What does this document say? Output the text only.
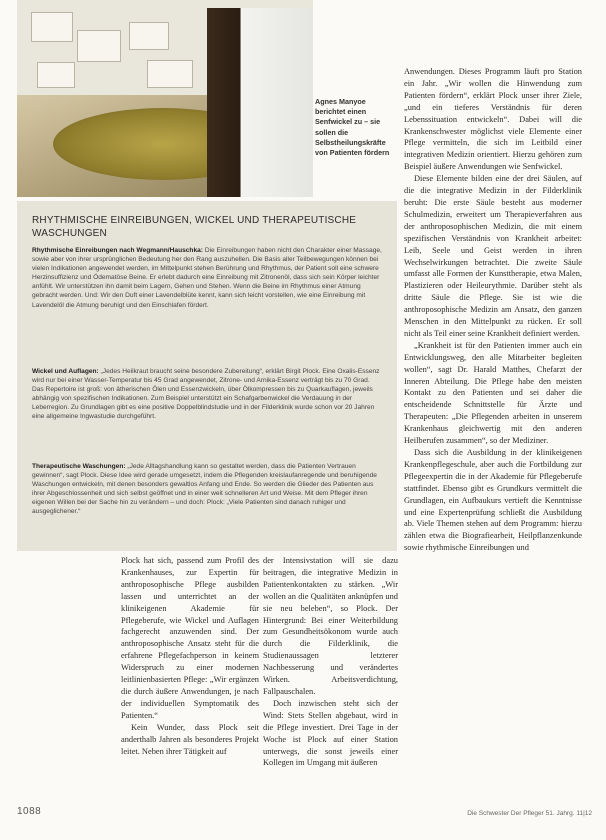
Agnes Manyoe berichtet einen Senfwickel zu – sie sollen die Selbstheilungskräfte von Patienten fördern
RHYTHMISCHE EINREIBUNGEN, WICKEL UND THERAPEUTISCHE WASCHUNGEN

Rhythmische Einreibungen nach Wegmann/Hauschka: Die Einreibungen haben nicht den Charakter einer Massage, sowie aber von ihrer ursprünglichen Bedeutung her den Rang auszuhellen. Die Basis aller Teilbewegungen können bei vielen Indikationen angewendet werden, im Mittelpunkt stehen Berührung und Rhythmus, der Patient soll eine schwere Herzinsuffizienz und Ödematöse Beine. Er erlebt dadurch eine Einreibung mit Zitronenöl, dass sich sein Körper leichter anfühlt. Wir unterstützen ihn damit beim Lagern, Gehen und Stehen. Wenn die Beine im Rhythmus einer Atmung gebracht werden. Und: Wir den Duft einer Lavendelblüte kennt, kann sich leicht vorstellen, wie eine Einreibung mit Lavendelöl die Atmung beruhigt und den Einschlafen fördert.

Wickel und Auflagen: „Jedes Heilkraut braucht seine besondere Zubereitung“, erklärt Birgit Plock. Eine Oxalis-Essenz wird nur bei einer Wasser-Temperatur bis 45 Grad angewendet, Zitrone- und Arnika-Essenz verträgt bis zu 70 Grad. Das Repertoire ist groß: von ätherischen Ölen und Essenzwickeln, über Ölkompressen bis zu Quarkauflagen, jeweils abhängig von spezifischen Indikationen. Zum Beispiel unterstützt ein Schafgarbenwickel die Verdauung in der Leberregion. Zu Grundlagen gibt es eine positive Doppelblindstudie und in der Filderklinik wurde schon vor 20 Jahren eine allgemeine Ingwastudie durchgeführt.

Therapeutische Waschungen: „Jede Alltagshandlung kann so gestaltet werden, dass die Patienten Vertrauen gewinnen“, sagt Plock. Diese Idee wird gerade umgesetzt, indem die Pflegenden kreislaufanregende und beruhigende Waschungen entwickeln, mit denen besonders gewaltlos Anfang und Ende. So werden die Glieder des Patienten aus ihrer Abgeschlossenheit und sich selbst geöffnet und in einer weit schnelleren Art und Weise. Mit dem Pfleger ihren eigenen Willen bei der Sache hin zu verändern – und doch: Plock: „Viele Patienten sind danach ruhiger und ausgeglichener.“

Plock hat sich, passend zum Profil des Krankenhauses, zur Expertin für anthroposophische Pflege ausbilden lassen und unterrichtet an der klinikeigenen Akademie für Pflegeberufe, wie Wickel und Auflagen fachgerecht anzuwenden sind. Der anthroposophische Ansatz steht für die erfahrene Pflegefachperson in keinem Widerspruch zu einer modernen leitlinienbasierten Pflege: „Wir ergänzen die durch äußere Anwendungen, je nach der individuellen Symptomatik des Patienten.“

Kein Wunder, dass Plock seit anderthalb Jahren als besonderes Projekt leitet. Neben ihrer Tätigkeit auf

der Intensivstation will sie dazu beitragen, die integrative Medizin in Patientenkontakten zu stärken. „Wir wollen an die Qualitäten anknüpfen und sie neu beleben“, so Plock. Der Hintergrund: Bei einer Weiterbildung zum Gesundheitsökonom wurde auch durch die Filderklinik, die Studienaussagen letzterer Nachbesserung und verändertes Wirken. Arbeitsverdichtung, Fallpauschalen.

Doch inzwischen steht sich der Wind: Stets Stellen abgebaut, wird in die Pflege investiert. Drei Tage in der Woche ist Plock auf einer Station unterwegs, die sonst jeweils einer Kollegen im Umgang mit äußeren

Anwendungen. Dieses Programm läuft pro Station ein Jahr. „Wir wollen die Hinwendung zum Patienten fördern“, erklärt Plock unser ihrer Ziele, „und ein tieferes Verständnis für deren Lebenssituation entwickeln“. Dabei will die Krankenschwester möglichst viele Elemente einer Pflege vermitteln, die sich im Leitbild einer integrativen Medizin orientiert. Hierzu gehören zum Beispiel äußere Anwendungen wie Senfwickel.

Diese Elemente bilden eine der drei Säulen, auf die die integrative Medizin in der Filderklinik beruht: Die erste Säule besteht aus moderner Schulmedizin, erweitert um Therapieverfahren aus der anthroposophischen Medizin, die mit einem spezifischen Verständnis von Krankheit arbeitet: Leib, Seele und Geist werden in ihren Wechselwirkungen betrachtet. Die zweite Säule umfasst alle Formen der Kunsttherapie, etwa Malen, Plastizieren oder Heileurythmie. Darüber steht als dritte Säule die Pflege. Sie ist wie die anthroposophische Medizin am Ansatz, den ganzen Menschen in den Mittelpunkt zu rücken. Er soll nicht als Teil einer seine Krankheit definiert werden.

„Krankheit ist für den Patienten immer auch ein Entwicklungsweg, den alle Mitarbeiter begleiten wollen“, sagt Dr. Harald Matthes, Chefarzt der Inneren Abteilung. Die Pflege habe den meisten Kontakt zu den Patienten und sei daher die entscheidende Schnittstelle für Ärzte und Therapeuten: „Die Pflegenden arbeiten in unserem Krankenhaus gleichwertig mit den anderen Heilberufen zusammen“, so der Mediziner.

Dass sich die Ausbildung in der klinikeigenen Krankenpflegeschule, aber auch die Fortbildung zur Pflegeexpertin die in der Akademie für Pflegeberufe stattfindet. Ebenso gibt es Grundkurs vermittelt die Grundlagen, ein Aufbaukurs vertieft die Kenntnisse und eine Expertenprüfung schließt die Ausbildung ab. Viele Themen stehen auf dem Programm: hierzu zählen etwa die Biografiearbeit, Heilpflanzenkunde sowie rhythmische Einreibungen und

1088	Die Schwester Der Pfleger 51. Jahrg. 11|12
